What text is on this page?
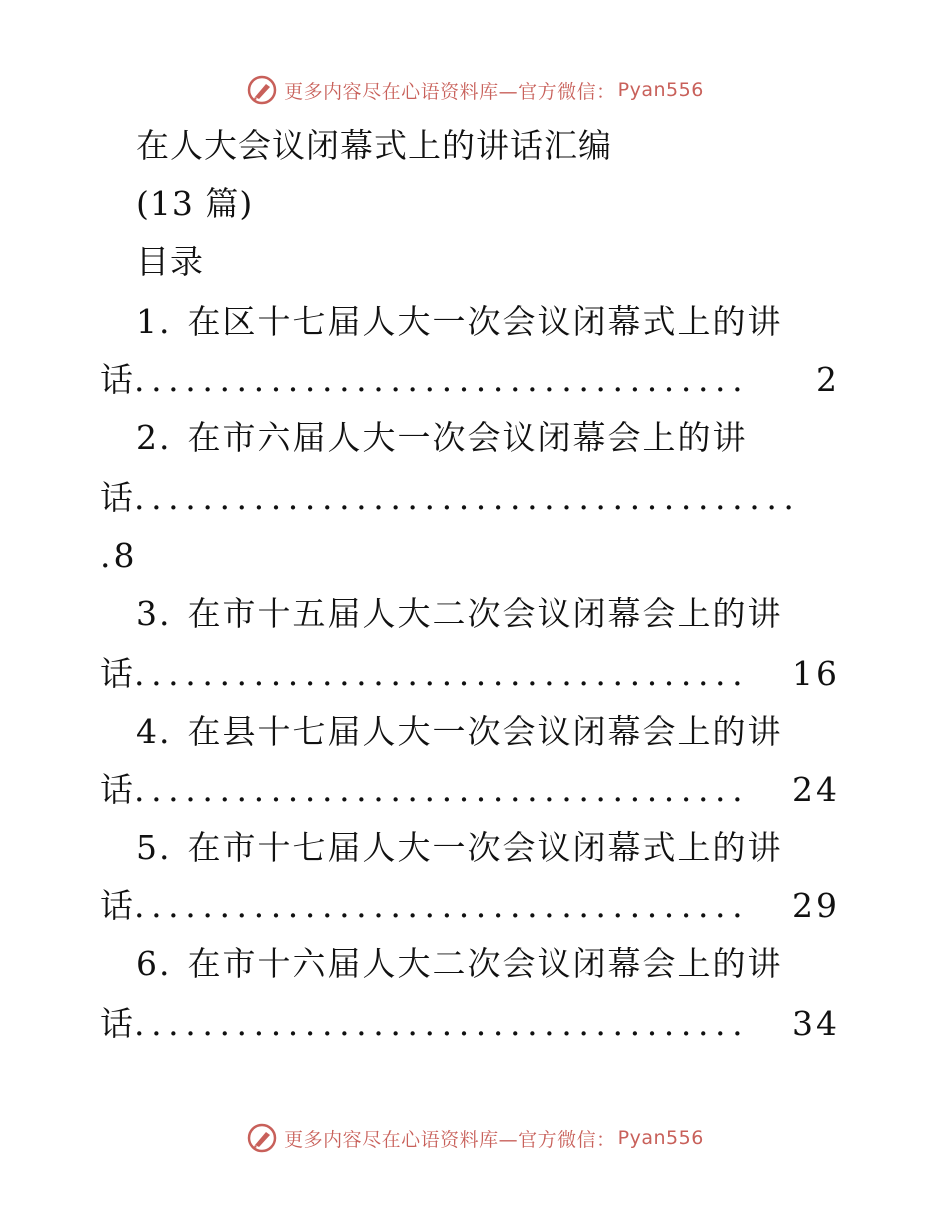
更多内容尽在心语资料库—官方微信： Pyan556
在人大会议闭幕式上的讲话汇编
(13 篇)
目录
1. 在区十七届人大一次会议闭幕式上的讲
话 ....................................	2
2. 在市六届人大一次会议闭幕会上的讲
话 .......................................
.8
3. 在市十五届人大二次会议闭幕会上的讲
话 ....................................	16
4. 在县十七届人大一次会议闭幕会上的讲
话 ....................................	24
5. 在市十七届人大一次会议闭幕式上的讲
话 ....................................	29
6. 在市十六届人大二次会议闭幕会上的讲
话 ....................................	34
更多内容尽在心语资料库—官方微信： Pyan556
